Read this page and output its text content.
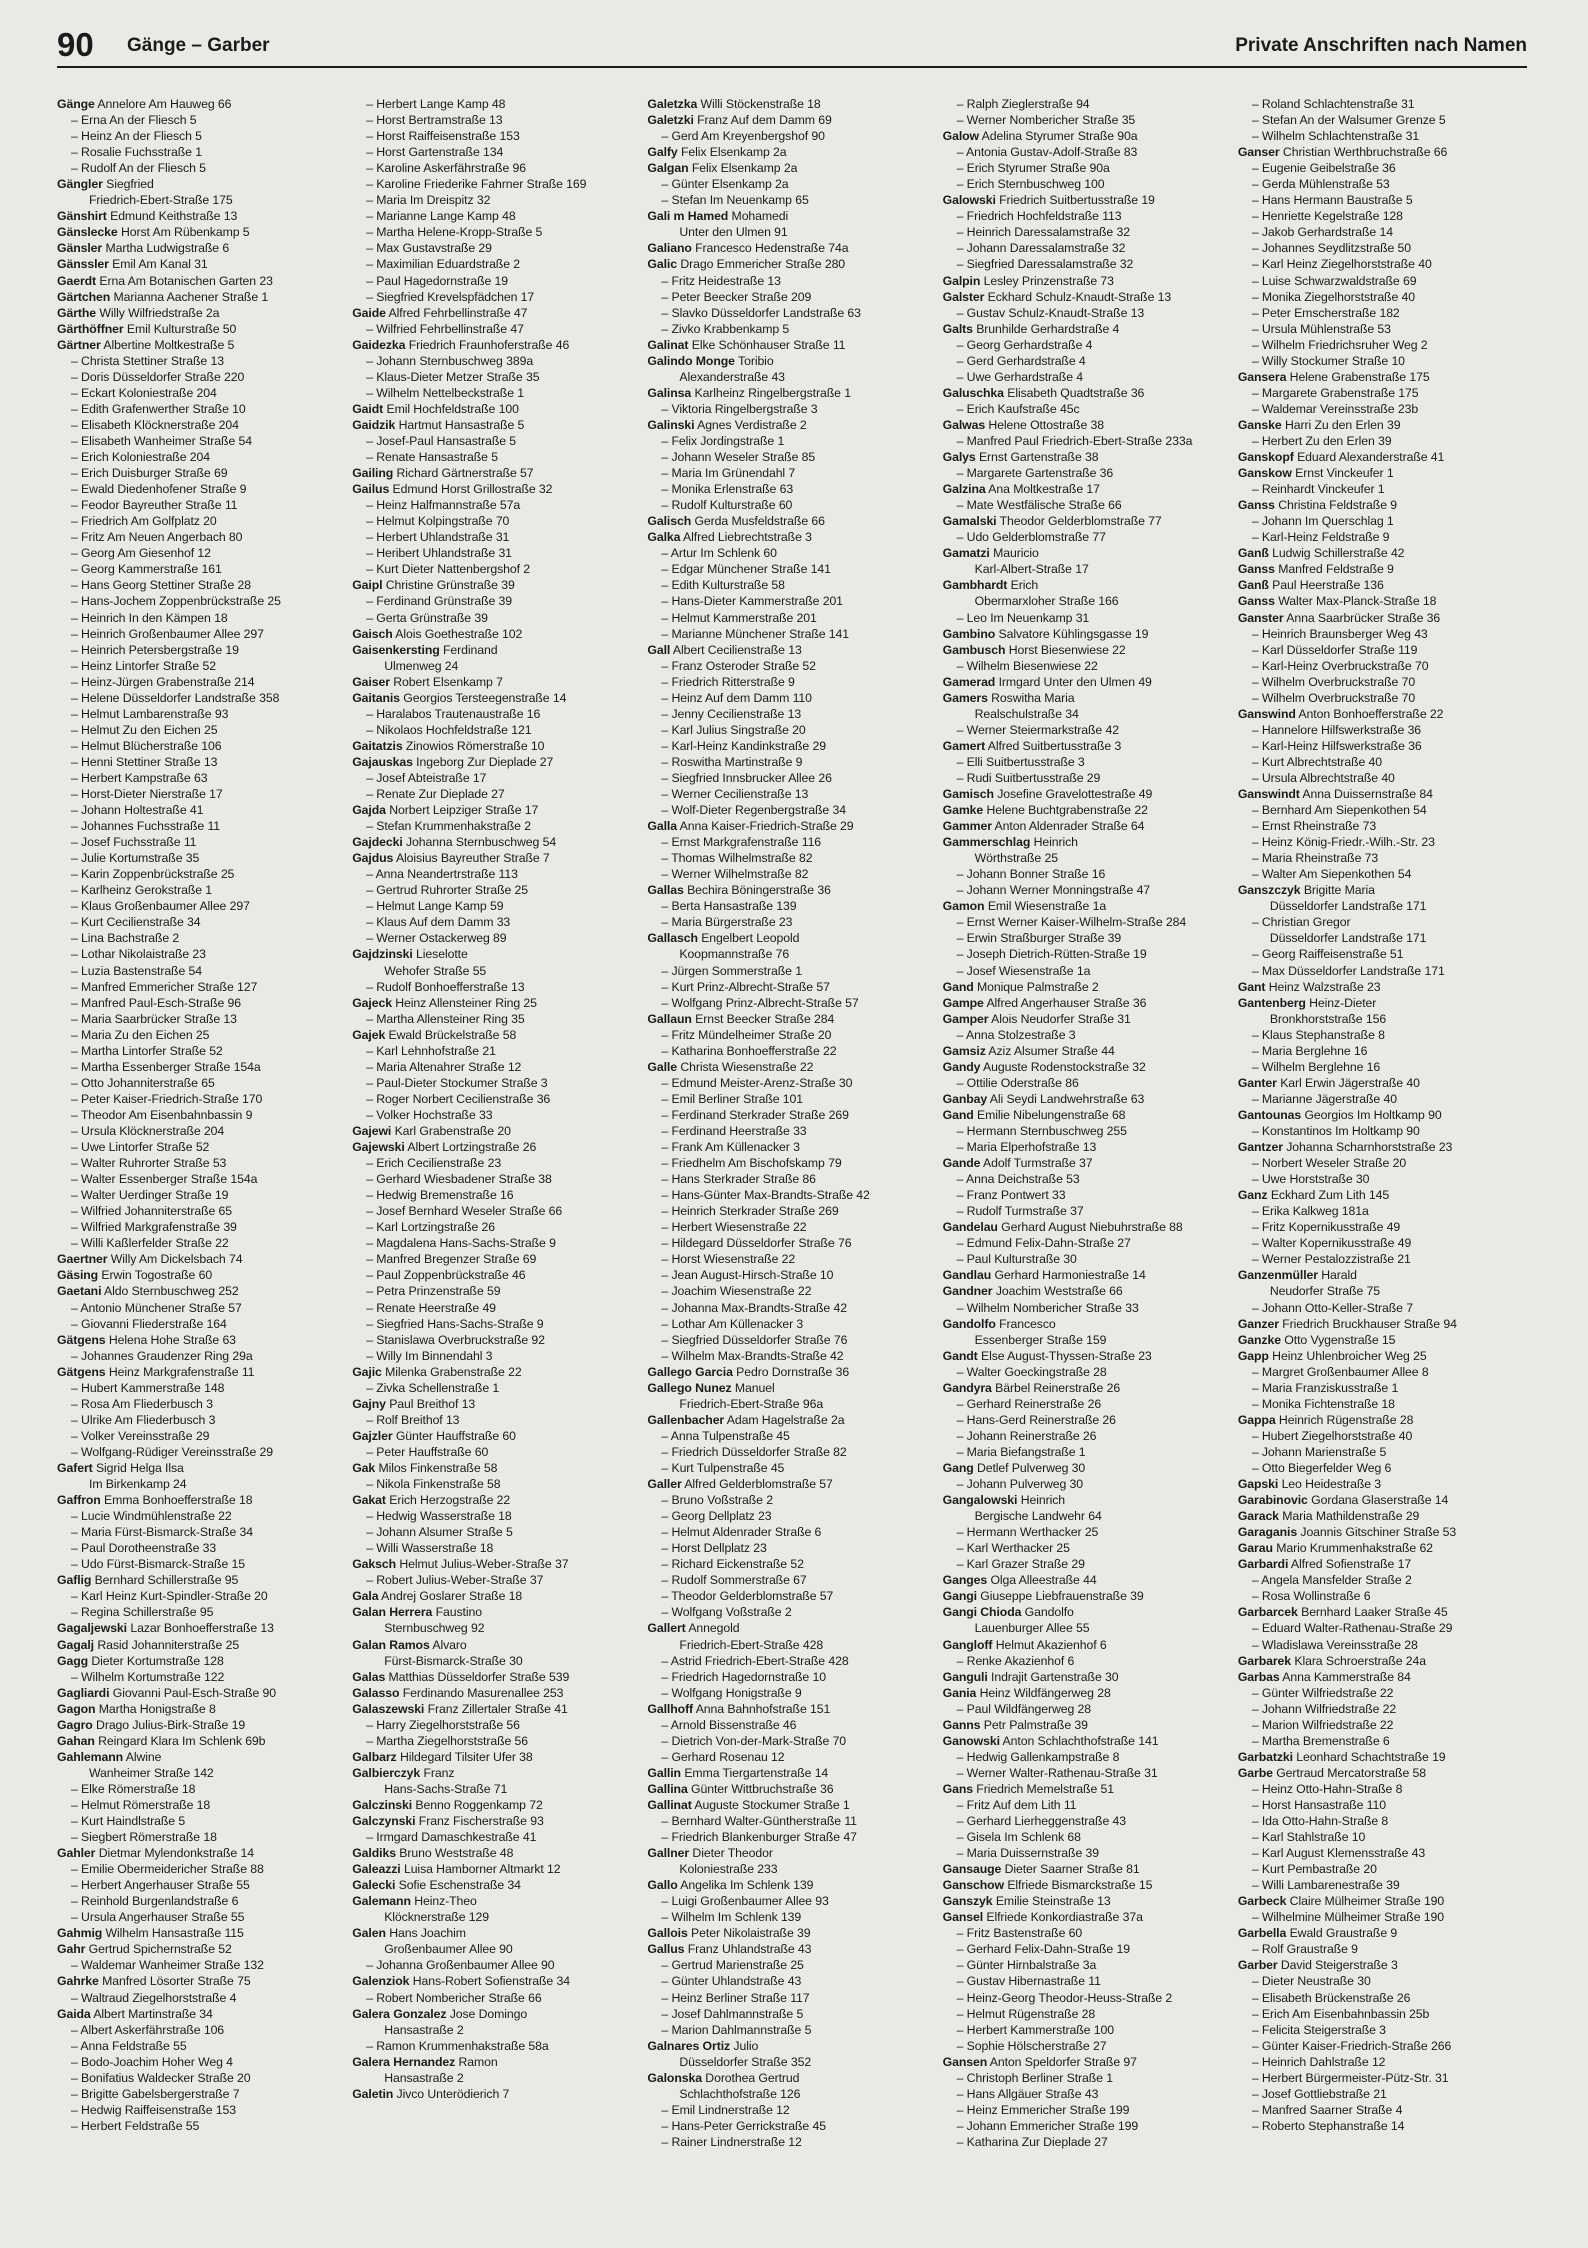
90 Gänge – Garber	Private Anschriften nach Namen
Gänge Annelore Am Hauweg 66
– Erna An der Fliesch 5
– Heinz An der Fliesch 5
– Rosalie Fuchsstraße 1
– Rudolf An der Fliesch 5
Gängler Siegfried
Friedrich-Ebert-Straße 175
Gänshirt Edmund Keithstraße 13
Gänslecke Horst Am Rübenkamp 5
Gänsler Martha Ludwigstraße 6
Gänssler Emil Am Kanal 31
Gaerdt Erna Am Botanischen Garten 23
Gärtchen Marianna Aachener Straße 1
Gärthe Willy Wilfriedstraße 2a
Gärthöffner Emil Kulturstraße 50
Gärtner Albertine Moltkestraße 5
– Christa Stettiner Straße 13
– Doris Düsseldorfer Straße 220
– Eckart Koloniestraße 204
– Edith Grafenwerther Straße 10
– Elisabeth Klöcknerstraße 204
– Elisabeth Wanheimer Straße 54
– Erich Koloniestraße 204
– Erich Duisburger Straße 69
– Ewald Diedenhofener Straße 9
– Feodor Bayreuther Straße 11
– Friedrich Am Golfplatz 20
– Fritz Am Neuen Angerbach 80
– Georg Am Giesenhof 12
– Georg Kammerstraße 161
– Hans Georg Stettiner Straße 28
– Hans-Jochem Zoppenbrückstraße 25
– Heinrich In den Kämpen 18
– Heinrich Großenbaumer Allee 297
– Heinrich Petersbergstraße 19
– Heinz Lintorfer Straße 52
– Heinz-Jürgen Grabenstraße 214
– Helene Düsseldorfer Landstraße 358
– Helmut Lambarenstraße 93
– Helmut Zu den Eichen 25
– Helmut Blücherstraße 106
– Henni Stettiner Straße 13
– Herbert Kampstraße 63
– Horst-Dieter Nierstraße 17
– Johann Holtestraße 41
– Johannes Fuchsstraße 11
– Josef Fuchsstraße 11
– Julie Kortumstraße 35
– Karin Zoppenbrückstraße 25
– Karlheinz Gerokstraße 1
– Klaus Großenbaumer Allee 297
– Kurt Cecilienstraße 34
– Lina Bachstraße 2
– Lothar Nikolaistraße 23
– Luzia Bastenstraße 54
– Manfred Emmericher Straße 127
– Manfred Paul-Esch-Straße 96
– Maria Saarbrücker Straße 13
– Maria Zu den Eichen 25
– Martha Lintorfer Straße 52
– Martha Essenberger Straße 154a
– Otto Johanniterstraße 65
– Peter Kaiser-Friedrich-Straße 170
– Theodor Am Eisenbahnbassin 9
– Ursula Klöcknerstraße 204
– Uwe Lintorfer Straße 52
– Walter Ruhrorter Straße 53
– Walter Essenberger Straße 154a
– Walter Uerdinger Straße 19
– Wilfried Johanniterstraße 65
– Wilfried Markgrafenstraße 39
– Willi Kaßlerfelder Straße 22
Gaertner Willy Am Dickelsbach 74
Gäsing Erwin Togostraße 60
Gaetani Aldo Sternbuschweg 252
– Antonio Münchener Straße 57
– Giovanni Fliederstraße 164
Gätgens Helena Hohe Straße 63
– Johannes Graudenzer Ring 29a
Gätgens Heinz Markgrafenstraße 11
– Hubert Kammerstraße 148
– Rosa Am Fliederbusch 3
– Ulrike Am Fliederbusch 3
– Volker Vereinsstraße 29
– Wolfgang-Rüdiger Vereinsstraße 29
Gafert Sigrid Helga Ilsa
Im Birkenkamp 24
Gaffron Emma Bonhoefferstraße 18
– Lucie Windmühlenstraße 22
– Maria Fürst-Bismarck-Straße 34
– Paul Dorotheenstraße 33
– Udo Fürst-Bismarck-Straße 15
Gaflig Bernhard Schillerstraße 95
– Karl Heinz Kurt-Spindler-Straße 20
– Regina Schillerstraße 95
Gagaljewski Lazar Bonhoefferstraße 13
Gagalj Rasid Johanniterstraße 25
Gagg Dieter Kortumstraße 128
– Wilhelm Kortumstraße 122
Gagliardi Giovanni Paul-Esch-Straße 90
Gagon Martha Honigstraße 8
Gagro Drago Julius-Birk-Straße 19
Gahan Reingard Klara Im Schlenk 69b
Gahlemann Alwine
Wanheimer Straße 142
– Elke Römerstraße 18
– Helmut Römerstraße 18
– Kurt Haindlstraße 5
– Siegbert Römerstraße 18
Gahler Dietmar Mylendonkstraße 14
– Emilie Obermeidericher Straße 88
– Herbert Angerhauser Straße 55
– Reinhold Burgenlandstraße 6
– Ursula Angerhauser Straße 55
Gahmig Wilhelm Hansastraße 115
Gahr Gertrud Spichernstraße 52
– Waldemar Wanheimer Straße 132
Gahrke Manfred Lösorter Straße 75
– Waltraud Ziegelhorststraße 4
Gaida Albert Martinstraße 34
– Albert Askerfährstraße 106
– Anna Feldstraße 55
– Bodo-Joachim Hoher Weg 4
– Bonifatius Waldecker Straße 20
– Brigitte Gabelsbergerstraße 7
– Hedwig Raiffeisenstraße 153
– Herbert Feldstraße 55
– Herbert Lange Kamp 48
– Horst Bertramstraße 13
– Horst Raiffeisenstraße 153
– Horst Gartenstraße 134
– Karoline Askerfährstraße 96
– Karoline Friederike Fahrner Straße 169
– Maria Im Dreispitz 32
– Marianne Lange Kamp 48
– Martha Helene-Kropp-Straße 5
– Max Gustavstraße 29
– Maximilian Eduardstraße 2
– Paul Hagedornstraße 19
– Siegfried Krevelspfädchen 17
Gaide Alfred Fehrbellinstraße 47
– Wilfried Fehrbellinstraße 47
Gaidezka Friedrich Fraunhoferstraße 46
– Johann Sternbuschweg 389a
– Klaus-Dieter Metzer Straße 35
– Wilhelm Nettelbeckstraße 1
Gaidt Emil Hochfeldstraße 100
Gaidzik Hartmut Hansastraße 5
– Josef-Paul Hansastraße 5
– Renate Hansastraße 5
Gailing Richard Gärtnerstraße 57
Gailus Edmund Horst Grillostraße 32
– Heinz Halfmannstraße 57a
– Helmut Kolpingstraße 70
– Herbert Uhlandstraße 31
– Heribert Uhlandstraße 31
– Kurt Dieter Nattenbergshof 2
Gaipl Christine Grünstraße 39
– Ferdinand Grünstraße 39
– Gerta Grünstraße 39
Gaisch Alois Goethestraße 102
Gaisenkersting Ferdinand
Ulmenweg 24
Gaiser Robert Elsenkamp 7
Gaitanis Georgios Tersteegenstraße 14
– Haralabos Trautenaustraße 16
– Nikolaos Hochfeldstraße 121
Gaitatzis Zinowios Römerstraße 10
Gajauskas Ingeborg Zur Dieplade 27
– Josef Abteistraße 17
– Renate Zur Dieplade 27
Gajda Norbert Leipziger Straße 17
– Stefan Krummenhakstraße 2
Gajdecki Johanna Sternbuschweg 54
Gajdus Aloisius Bayreuther Straße 7
– Anna Neandertrstraße 113
– Gertrud Ruhrorter Straße 25
– Helmut Lange Kamp 59
– Klaus Auf dem Damm 33
– Werner Ostackerweg 89
Gajdzinski Lieselotte
Wehofer Straße 55
– Rudolf Bonhoefferstraße 13
Gajeck Heinz Allensteiner Ring 25
– Martha Allensteiner Ring 35
Gajek Ewald Brückelstraße 58
– Karl Lehnhofstraße 21
– Maria Altenahrer Straße 12
– Paul-Dieter Stockumer Straße 3
– Roger Norbert Cecilienstraße 36
– Volker Hochstraße 33
Gajewi Karl Grabenstraße 20
Gajewski Albert Lortzingstraße 26
– Erich Cecilienstraße 23
– Gerhard Wiesbadener Straße 38
– Hedwig Bremenstraße 16
– Josef Bernhard Weseler Straße 66
– Karl Lortzingstraße 26
– Magdalena Hans-Sachs-Straße 9
– Manfred Bregenzer Straße 69
– Paul Zoppenbrückstraße 46
– Petra Prinzenstraße 59
– Renate Heerstraße 49
– Siegfried Hans-Sachs-Straße 9
– Stanislawa Overbruckstraße 92
– Willy Im Binnendahl 3
Gajic Milenka Grabenstraße 22
– Zivka Schellenstraße 1
Gajny Paul Breithof 13
– Rolf Breithof 13
Gajzler Günter Hauffstraße 60
– Peter Hauffstraße 60
Gak Milos Finkenstraße 58
– Nikola Finkenstraße 58
Gakat Erich Herzogstraße 22
– Hedwig Wasserstraße 18
– Johann Alsumer Straße 5
– Willi Wasserstraße 18
Gaksch Helmut Julius-Weber-Straße 37
– Robert Julius-Weber-Straße 37
Gala Andrej Goslarer Straße 18
Galan Herrera Faustino
Sternbuschweg 92
Galan Ramos Alvaro
Fürst-Bismarck-Straße 30
Galas Matthias Düsseldorfer Straße 539
Galasso Ferdinando Masurenallee 253
Galaszewski Franz Zillertaler Straße 41
– Harry Ziegelhorststraße 56
– Martha Ziegelhorststraße 56
Galbarz Hildegard Tilsiter Ufer 38
Galbierczyk Franz
Hans-Sachs-Straße 71
Galczinski Benno Roggenkamp 72
Galczynski Franz Fischerstraße 93
– Irmgard Damaschkestraße 41
Galdiks Bruno Weststraße 48
Galeazzi Luisa Hamborner Altmarkt 12
Galecki Sofie Eschenstraße 34
Galemann Heinz-Theo
Klöcknerstraße 129
Galen Hans Joachim
Großenbaumer Allee 90
– Johanna Großenbaumer Allee 90
Galenziok Hans-Robert Sofienstraße 34
– Robert Nombericher Straße 66
Galera Gonzalez Jose Domingo
Hansastraße 2
– Ramon Krummenhakstraße 58a
Galera Hernandez Ramon
Hansastraße 2
Galetin Jivco Unterödierich 7
Galetzka Willi Stöckenstraße 18
Galetzki Franz Auf dem Damm 69
– Gerd Am Kreyenbergshof 90
Galfy Felix Elsenkamp 2a
Galgan Felix Elsenkamp 2a
– Günter Elsenkamp 2a
– Stefan Im Neuenkamp 65
Gali m Hamed Mohamedi
Unter den Ulmen 91
Galiano Francesco Hedenstraße 74a
Galic Drago Emmericher Straße 280
– Fritz Heidestraße 13
– Peter Beecker Straße 209
– Slavko Düsseldorfer Landstraße 63
– Zivko Krabbenkamp 5
Galinat Elke Schönhauser Straße 11
Galindo Monge Toribio
Alexanderstraße 43
Galinsa Karlheinz Ringelbergstraße 1
– Viktoria Ringelbergstraße 3
Galinski Agnes Verdistraße 2
– Felix Jordingstraße 1
– Johann Weseler Straße 85
– Maria Im Grünendahl 7
– Monika Erlenstraße 63
– Rudolf Kulturstraße 60
Galisch Gerda Musfeldstraße 66
Galka Alfred Liebrechtstraße 3
– Artur Im Schlenk 60
– Edgar Münchener Straße 141
– Edith Kulturstraße 58
– Hans-Dieter Kammerstraße 201
– Helmut Kammerstraße 201
– Marianne Münchener Straße 141
Gall Albert Cecilienstraße 13
– Franz Osteroder Straße 52
– Friedrich Ritterstraße 9
– Heinz Auf dem Damm 110
– Jenny Cecilienstraße 13
– Karl Julius Singstraße 20
– Karl-Heinz Kandinkstraße 29
– Roswitha Martinstraße 9
– Siegfried Innsbrucker Allee 26
– Werner Cecilienstraße 13
– Wolf-Dieter Regenbergstraße 34
Galla Anna Kaiser-Friedrich-Straße 29
– Ernst Markgrafenstraße 116
– Thomas Wilhelmstraße 82
– Werner Wilhelmstraße 82
Gallas Bechira Böningerstraße 36
– Berta Hansastraße 139
– Maria Bürgerstraße 23
Gallasch Engelbert Leopold
Koopmannstraße 76
– Jürgen Sommerstraße 1
– Kurt Prinz-Albrecht-Straße 57
– Wolfgang Prinz-Albrecht-Straße 57
Gallaun Ernst Beecker Straße 284
– Fritz Mündelheimer Straße 20
– Katharina Bonhoefferstraße 22
Galle Christa Wiesenstraße 22
– Edmund Meister-Arenz-Straße 30
– Emil Berliner Straße 101
– Ferdinand Sterkrader Straße 269
– Ferdinand Heerstraße 33
– Frank Am Küllenacker 3
– Friedhelm Am Bischofskamp 79
– Hans Sterkrader Straße 86
– Hans-Günter Max-Brandts-Straße 42
– Heinrich Sterkrader Straße 269
– Herbert Wiesenstraße 22
– Hildegard Düsseldorfer Straße 76
– Horst Wiesenstraße 22
– Jean August-Hirsch-Straße 10
– Joachim Wiesenstraße 22
– Johanna Max-Brandts-Straße 42
– Lothar Am Küllenacker 3
– Siegfried Düsseldorfer Straße 76
– Wilhelm Max-Brandts-Straße 42
Gallego Garcia Pedro Dornstraße 36
Gallego Nunez Manuel
Friedrich-Ebert-Straße 96a
Gallenbacher Adam Hagelstraße 2a
– Anna Tulpenstraße 45
– Friedrich Düsseldorfer Straße 82
– Kurt Tulpenstraße 45
Galler Alfred Gelderblomstraße 57
– Bruno Voßstraße 2
– Georg Dellplatz 23
– Helmut Aldenrader Straße 6
– Horst Dellplatz 23
– Richard Eickenstraße 52
– Rudolf Sommerstraße 67
– Theodor Gelderblomstraße 57
– Wolfgang Voßstraße 2
Gallert Annegold
Friedrich-Ebert-Straße 428
– Astrid Friedrich-Ebert-Straße 428
– Friedrich Hagedornstraße 10
– Wolfgang Honigstraße 9
Gallhoff Anna Bahnhofstraße 151
– Arnold Bissenstraße 46
– Dietrich Von-der-Mark-Straße 70
– Gerhard Rosenau 12
Gallin Emma Tiergartenstraße 14
Gallina Günter Wittbruchstraße 36
Gallinat Auguste Stockumer Straße 1
– Bernhard Walter-Güntherstraße 11
– Friedrich Blankenburger Straße 47
Gallner Dieter Theodor
Koloniestraße 233
Gallo Angelika Im Schlenk 139
– Luigi Großenbaumer Allee 93
– Wilhelm Im Schlenk 139
Gallois Peter Nikolaistraße 39
Gallus Franz Uhlandstraße 43
– Gertrud Marienstraße 25
– Günter Uhlandstraße 43
– Heinz Berliner Straße 117
– Josef Dahlmannstraße 5
– Marion Dahlmannstraße 5
Galnares Ortiz Julio
Düsseldorfer Straße 352
Galonska Dorothea Gertrud
Schlachthofstraße 126
– Emil Lindnerstraße 12
– Hans-Peter Gerrickstraße 45
– Rainer Lindnerstraße 12
– Ralph Zieglerstraße 94
– Werner Nombericher Straße 35
Galow Adelina Styrumer Straße 90a
– Antonia Gustav-Adolf-Straße 83
– Erich Styrumer Straße 90a
– Erich Sternbuschweg 100
Galowski Friedrich Suitbertusstraße 19
– Friedrich Hochfeldstraße 113
– Heinrich Daressalamstraße 32
– Johann Daressalamstraße 32
– Siegfried Daressalamstraße 32
Galpin Lesley Prinzenstraße 73
Galster Eckhard Schulz-Knaudt-Straße 13
– Gustav Schulz-Knaudt-Straße 13
Galts Brunhilde Gerhardstraße 4
– Georg Gerhardstraße 4
– Gerd Gerhardstraße 4
– Uwe Gerhardstraße 4
Galuschka Elisabeth Quadtstraße 36
– Erich Kaufstraße 45c
Galwas Helene Ottostraße 38
– Manfred Paul Friedrich-Ebert-Straße 233a
Galys Ernst Gartenstraße 38
– Margarete Gartenstraße 36
Galzina Ana Moltkestraße 17
– Mate Westfälische Straße 66
Gamalski Theodor Gelderblomstraße 77
– Udo Gelderblomstraße 77
Gamatzi Mauricio
Karl-Albert-Straße 17
Gambhardt Erich
Obermarxloher Straße 166
– Leo Im Neuenkamp 31
Gambino Salvatore Kühlingsgasse 19
Gambusch Horst Biesenwiese 22
– Wilhelm Biesenwiese 22
Gamerad Irmgard Unter den Ulmen 49
Gamers Roswitha Maria
Realschulstraße 34
– Werner Steiermarkstraße 42
Gamert Alfred Suitbertusstraße 3
– Elli Suitbertusstraße 3
– Rudi Suitbertusstraße 29
Gamisch Josefine Gravelottestraße 49
Gamke Helene Buchtgrabenstraße 22
Gammer Anton Aldenrader Straße 64
Gammerschlag Heinrich
Wörthstraße 25
– Johann Bonner Straße 16
– Johann Werner Monningstraße 47
Gamon Emil Wiesenstraße 1a
– Ernst Werner Kaiser-Wilhelm-Straße 284
– Erwin Straßburger Straße 39
– Joseph Dietrich-Rütten-Straße 19
– Josef Wiesenstraße 1a
Gand Monique Palmstraße 2
Gampe Alfred Angerhauser Straße 36
Gamper Alois Neudorfer Straße 31
– Anna Stolzestraße 3
Gamsiz Aziz Alsumer Straße 44
Gandy Auguste Rodenstockstraße 32
– Ottilie Oderstraße 86
Ganbay Ali Seydi Landwehrstraße 63
Gand Emilie Nibelungenstraße 68
– Hermann Sternbuschweg 255
– Maria Elperhofstraße 13
Gande Adolf Turmstraße 37
– Anna Deichstraße 53
– Franz Pontwert 33
– Rudolf Turmstraße 37
Gandelau Gerhard August Niebuhrstraße 88
– Edmund Felix-Dahn-Straße 27
– Paul Kulturstraße 30
Gandlau Gerhard Harmoniestraße 14
Gandner Joachim Weststraße 66
– Wilhelm Nombericher Straße 33
Gandolfo Francesco
Essenberger Straße 159
Gandt Else August-Thyssen-Straße 23
– Walter Goeckingstraße 28
Gandyra Bärbel Reinerstraße 26
– Gerhard Reinerstraße 26
– Hans-Gerd Reinerstraße 26
– Johann Reinerstraße 26
– Maria Biefangstraße 1
Gang Detlef Pulverweg 30
– Johann Pulverweg 30
Gangalowski Heinrich
Bergische Landwehr 64
– Hermann Werthacker 25
– Karl Werthacker 25
– Karl Grazer Straße 29
Ganges Olga Alleestraße 44
Gangi Giuseppe Liebfrauenstraße 39
Gangi Chioda Gandolfo
Lauenburger Allee 55
Gangloff Helmut Akazienhof 6
– Renke Akazienhof 6
Ganguli Indrajit Gartenstraße 30
Gania Heinz Wildfängerweg 28
– Paul Wildfängerweg 28
Ganns Petr Palmstraße 39
Ganowski Anton Schlachthofstraße 141
– Hedwig Gallenkampstraße 8
– Werner Walter-Rathenau-Straße 31
Gans Friedrich Memelstraße 51
– Fritz Auf dem Lith 11
– Gerhard Lierheggenstraße 43
– Gisela Im Schlenk 68
– Maria Duissernstraße 39
Gansauge Dieter Saarner Straße 81
Ganschow Elfriede Bismarckstraße 15
Ganszyk Emilie Steinstraße 13
Gansel Elfriede Konkordiastraße 37a
– Fritz Bastenstraße 60
– Gerhard Felix-Dahn-Straße 19
– Günter Hirnbalstraße 3a
– Gustav Hibernastraße 11
– Heinz-Georg Theodor-Heuss-Straße 2
– Helmut Rügenstraße 28
– Herbert Kammerstraße 100
– Sophie Hölscherstraße 27
Gansen Anton Speldorfer Straße 97
– Christoph Berliner Straße 1
– Hans Allgäuer Straße 43
– Heinz Emmericher Straße 199
– Johann Emmericher Straße 199
– Katharina Zur Dieplade 27
– Roland Schlachtenstraße 31
– Stefan An der Walsumer Grenze 5
– Wilhelm Schlachtenstraße 31
Ganser Christian Werthbruchstraße 66
– Eugenie Geibelstraße 36
– Gerda Mühlenstraße 53
– Hans Hermann Baustraße 5
– Henriette Kegelstraße 128
– Jakob Gerhardstraße 14
– Johannes Seydlitzstraße 50
– Karl Heinz Ziegelhorststraße 40
– Luise Schwarzwaldstraße 69
– Monika Ziegelhorststraße 40
– Peter Emscherstraße 182
– Ursula Mühlenstraße 53
– Wilhelm Friedrichsruher Weg 2
– Willy Stockumer Straße 10
Gansera Helene Grabenstraße 175
– Margarete Grabenstraße 175
– Waldemar Vereinsstraße 23b
Ganske Harri Zu den Erlen 39
– Herbert Zu den Erlen 39
Ganskopf Eduard Alexanderstraße 41
Ganskow Ernst Vinckeufer 1
– Reinhardt Vinckeufer 1
Ganss Christina Feldstraße 9
– Johann Im Querschlag 1
– Karl-Heinz Feldstraße 9
Ganß Ludwig Schillerstraße 42
Ganss Manfred Feldstraße 9
Ganß Paul Heerstraße 136
Ganss Walter Max-Planck-Straße 18
Ganster Anna Saarbrücker Straße 36
– Heinrich Braunsberger Weg 43
– Karl Düsseldorfer Straße 119
– Karl-Heinz Overbruckstraße 70
– Wilhelm Overbruckstraße 70
– Wilhelm Overbruckstraße 70
Ganswind Anton Bonhoefferstraße 22
– Hannelore Hilfswerkstraße 36
– Karl-Heinz Hilfswerkstraße 36
– Kurt Albrechtstraße 40
– Ursula Albrechtstraße 40
Ganswindt Anna Duissernstraße 84
– Bernhard Am Siepenkothen 54
– Ernst Rheinstraße 73
– Heinz König-Friedr.-Wilh.-Str. 23
– Maria Rheinstraße 73
– Walter Am Siepenkothen 54
Ganszczyk Brigitte Maria
Düsseldorfer Landstraße 171
– Christian Gregor
Düsseldorfer Landstraße 171
– Georg Raiffeisenstraße 51
– Max Düsseldorfer Landstraße 171
Gant Heinz Walzstraße 23
Gantenberg Heinz-Dieter
Bronkhorststraße 156
– Klaus Stephanstraße 8
– Maria Berglehne 16
– Wilhelm Berglehne 16
Ganter Karl Erwin Jägerstraße 40
– Marianne Jägerstraße 40
Gantounas Georgios Im Holtkamp 90
– Konstantinos Im Holtkamp 90
Gantzer Johanna Scharnhorststraße 23
– Norbert Weseler Straße 20
– Uwe Horststraße 30
Ganz Eckhard Zum Lith 145
– Erika Kalkweg 181a
– Fritz Kopernikusstraße 49
– Walter Kopernikusstraße 49
– Werner Pestalozzistraße 21
Ganzenmüller Harald
Neudorfer Straße 75
– Johann Otto-Keller-Straße 7
Ganzer Friedrich Bruckhauser Straße 94
Ganzke Otto Vygenstraße 15
Gapp Heinz Uhlenbroicher Weg 25
– Margret Großenbaumer Allee 8
– Maria Franziskusstraße 1
– Monika Fichtenstraße 18
Gappa Heinrich Rügenstraße 28
– Hubert Ziegelhorststraße 40
– Johann Marienstraße 5
– Otto Biegerfelder Weg 6
Gapski Leo Heidestraße 3
Garabinovic Gordana Glaserstraße 14
Garack Maria Mathildenstraße 29
Garaganis Joannis Gitschiner Straße 53
Garau Mario Krummenhakstraße 62
Garbardi Alfred Sofienstraße 17
– Angela Mansfelder Straße 2
– Rosa Wollinstraße 6
Garbarcek Bernhard Laaker Straße 45
– Eduard Walter-Rathenau-Straße 29
– Wladislawa Vereinsstraße 28
Garbarek Klara Schroerstraße 24a
Garbas Anna Kammerstraße 84
– Günter Wilfriedstraße 22
– Johann Wilfriedstraße 22
– Marion Wilfriedstraße 22
– Martha Bremenstraße 6
Garbatzki Leonhard Schachtstraße 19
Garbe Gertraud Mercatorstraße 58
– Heinz Otto-Hahn-Straße 8
– Horst Hansastraße 110
– Ida Otto-Hahn-Straße 8
– Karl Stahlstraße 10
– Karl August Klemensstraße 43
– Kurt Pembastraße 20
– Willi Lambarenestraße 39
Garbeck Claire Mülheimer Straße 190
– Wilhelmine Mülheimer Straße 190
Garbella Ewald Graustraße 9
– Rolf Graustraße 9
Garber David Steigerstraße 3
– Dieter Neustraße 30
– Elisabeth Brückenstraße 26
– Erich Am Eisenbahnbassin 25b
– Felicita Steigerstraße 3
– Günter Kaiser-Friedrich-Straße 266
– Heinrich Dahlstraße 12
– Herbert Bürgermeister-Pütz-Str. 31
– Josef Gottliebstraße 21
– Manfred Saarner Straße 4
– Roberto Stephanstraße 14
